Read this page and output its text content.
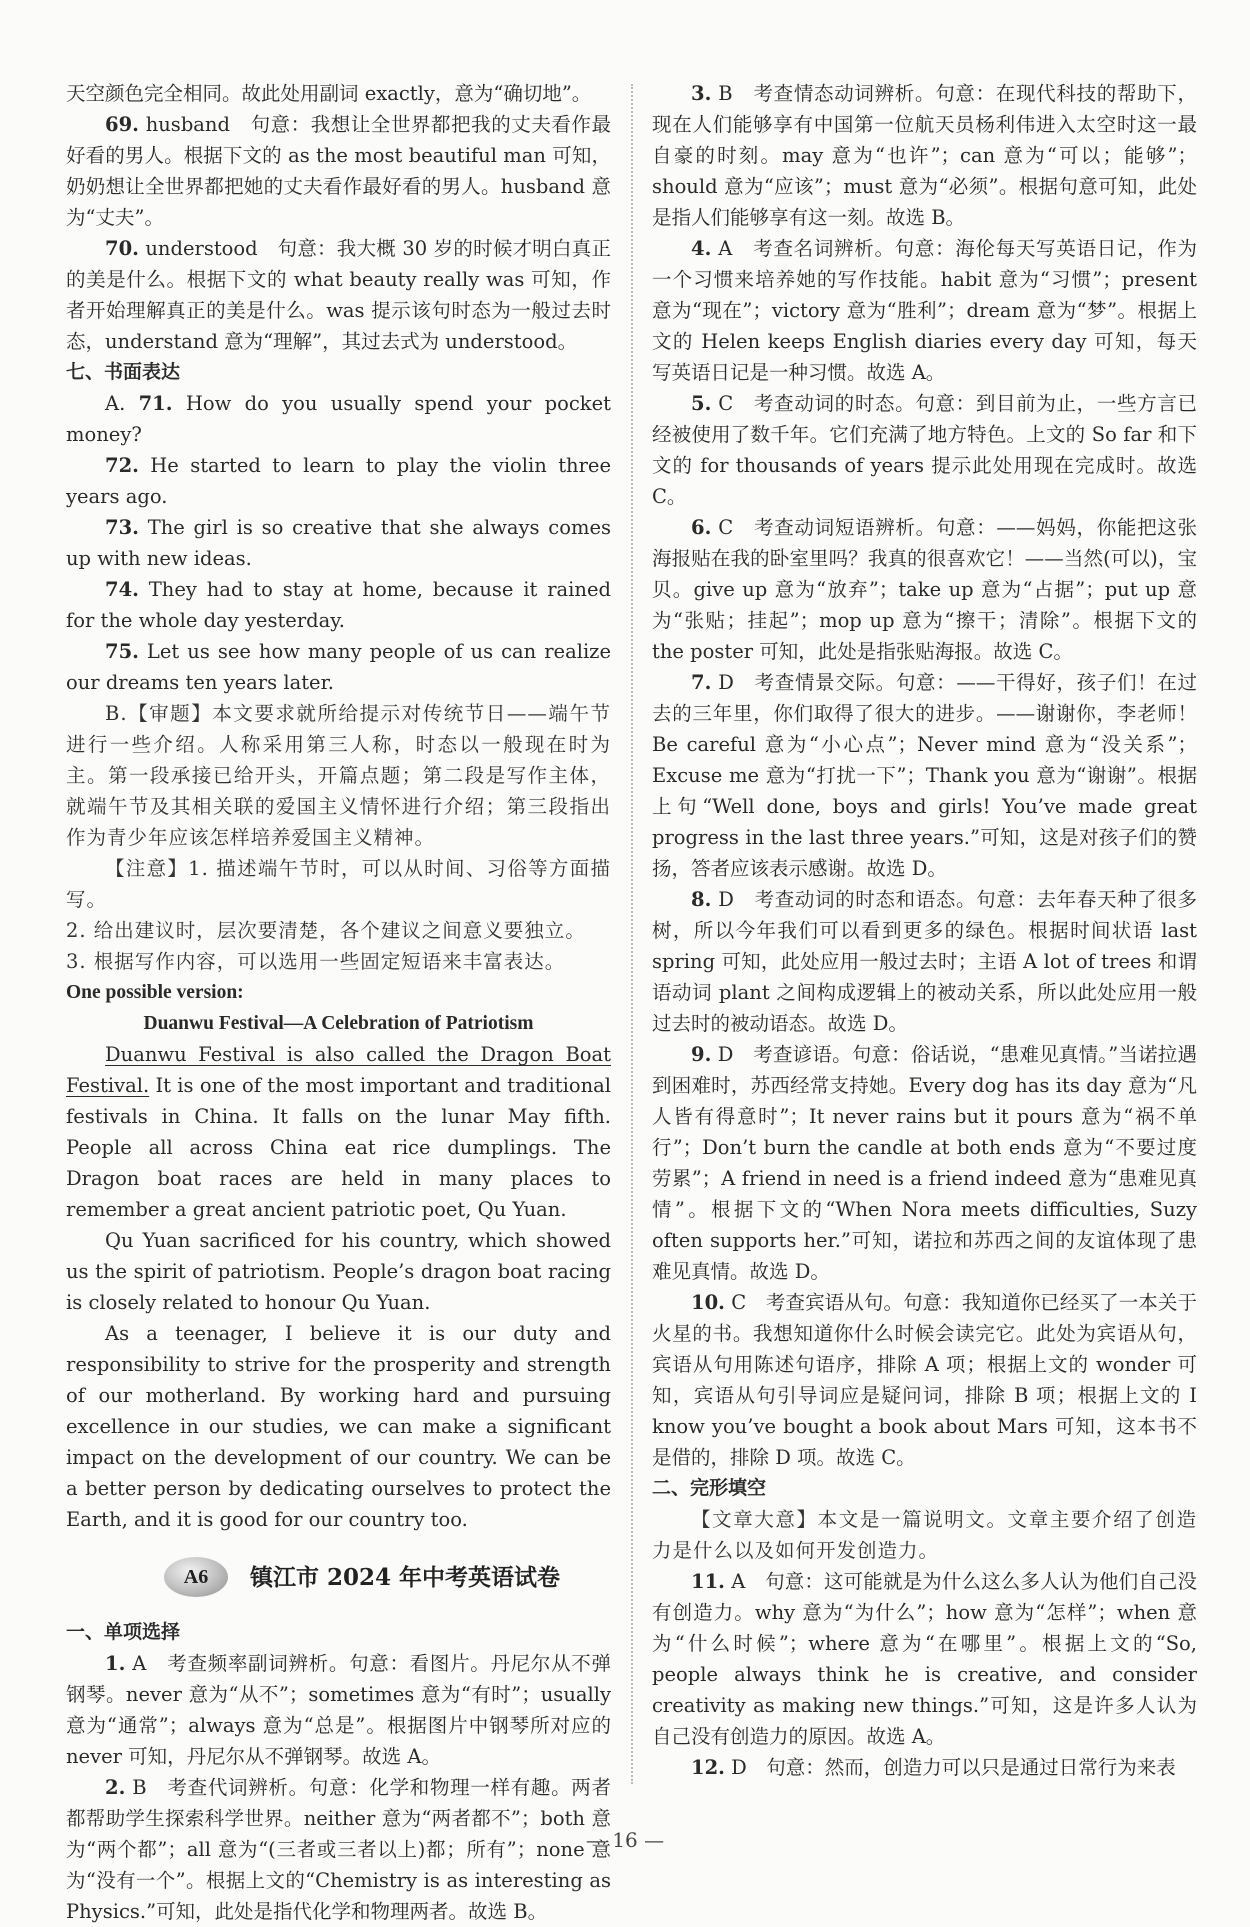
天空颜色完全相同。故此处用副词 exactly，意为“确切地”。

69. husband　句意：我想让全世界都把我的丈夫看作最好看的男人。根据下文的 as the most beautiful man 可知，奶奶想让全世界都把她的丈夫看作最好看的男人。husband 意为“丈夫”。

70. understood　句意：我大概 30 岁的时候才明白真正的美是什么。根据下文的 what beauty really was 可知，作者开始理解真正的美是什么。was 提示该句时态为一般过去时态，understand 意为“理解”，其过去式为 understood。

七、书面表达

A. 71. How do you usually spend your pocket money?

72. He started to learn to play the violin three years ago.

73. The girl is so creative that she always comes up with new ideas.

74. They had to stay at home, because it rained for the whole day yesterday.

75. Let us see how many people of us can realize our dreams ten years later.

B.【审题】本文要求就所给提示对传统节日——端午节进行一些介绍。人称采用第三人称，时态以一般现在时为主。第一段承接已给开头，开篇点题；第二段是写作主体，就端午节及其相关联的爱国主义情怀进行介绍；第三段指出作为青少年应该怎样培养爱国主义精神。

【注意】1. 描述端午节时，可以从时间、习俗等方面描写。

2. 给出建议时，层次要清楚，各个建议之间意义要独立。

3. 根据写作内容，可以选用一些固定短语来丰富表达。

One possible version:

Duanwu Festival—A Celebration of Patriotism

Duanwu Festival is also called the Dragon Boat Festival. It is one of the most important and traditional festivals in China. It falls on the lunar May fifth. People all across China eat rice dumplings. The Dragon boat races are held in many places to remember a great ancient patriotic poet, Qu Yuan.

Qu Yuan sacrificed for his country, which showed us the spirit of patriotism. People’s dragon boat racing is closely related to honour Qu Yuan.

As a teenager, I believe it is our duty and responsibility to strive for the prosperity and strength of our motherland. By working hard and pursuing excellence in our studies, we can make a significant impact on the development of our country. We can be a better person by dedicating ourselves to protect the Earth, and it is good for our country too.

A6	镇江市 2024 年中考英语试卷

一、单项选择

1. A　考查频率副词辨析。句意：看图片。丹尼尔从不弹钢琴。never 意为“从不”；sometimes 意为“有时”；usually 意为“通常”；always 意为“总是”。根据图片中钢琴所对应的 never 可知，丹尼尔从不弹钢琴。故选 A。

2. B　考查代词辨析。句意：化学和物理一样有趣。两者都帮助学生探索科学世界。neither 意为“两者都不”；both 意为“两个都”；all 意为“(三者或三者以上)都；所有”；none 意为“没有一个”。根据上文的“Chemistry is as interesting as Physics.”可知，此处是指代化学和物理两者。故选 B。

3. B　考查情态动词辨析。句意：在现代科技的帮助下，现在人们能够享有中国第一位航天员杨利伟进入太空时这一最自豪的时刻。may 意为“也许”；can 意为“可以；能够”；should 意为“应该”；must 意为“必须”。根据句意可知，此处是指人们能够享有这一刻。故选 B。

4. A　考查名词辨析。句意：海伦每天写英语日记，作为一个习惯来培养她的写作技能。habit 意为“习惯”；present 意为“现在”；victory 意为“胜利”；dream 意为“梦”。根据上文的 Helen keeps English diaries every day 可知，每天写英语日记是一种习惯。故选 A。

5. C　考查动词的时态。句意：到目前为止，一些方言已经被使用了数千年。它们充满了地方特色。上文的 So far 和下文的 for thousands of years 提示此处用现在完成时。故选 C。

6. C　考查动词短语辨析。句意：——妈妈，你能把这张海报贴在我的卧室里吗？我真的很喜欢它！——当然(可以)，宝贝。give up 意为“放弃”；take up 意为“占据”；put up 意为“张贴；挂起”；mop up 意为“擦干；清除”。根据下文的 the poster 可知，此处是指张贴海报。故选 C。

7. D　考查情景交际。句意：——干得好，孩子们！在过去的三年里，你们取得了很大的进步。——谢谢你，李老师！Be careful 意为“小心点”；Never mind 意为“没关系”；Excuse me 意为“打扰一下”；Thank you 意为“谢谢”。根据上句“Well done, boys and girls! You’ve made great progress in the last three years.”可知，这是对孩子们的赞扬，答者应该表示感谢。故选 D。

8. D　考查动词的时态和语态。句意：去年春天种了很多树，所以今年我们可以看到更多的绿色。根据时间状语 last spring 可知，此处应用一般过去时；主语 A lot of trees 和谓语动词 plant 之间构成逻辑上的被动关系，所以此处应用一般过去时的被动语态。故选 D。

9. D　考查谚语。句意：俗话说，“患难见真情。”当诺拉遇到困难时，苏西经常支持她。Every dog has its day 意为“凡人皆有得意时”；It never rains but it pours 意为“祸不单行”；Don’t burn the candle at both ends 意为“不要过度劳累”；A friend in need is a friend indeed 意为“患难见真情”。根据下文的“When Nora meets difficulties, Suzy often supports her.”可知，诺拉和苏西之间的友谊体现了患难见真情。故选 D。

10. C　考查宾语从句。句意：我知道你已经买了一本关于火星的书。我想知道你什么时候会读完它。此处为宾语从句，宾语从句用陈述句语序，排除 A 项；根据上文的 wonder 可知，宾语从句引导词应是疑问词，排除 B 项；根据上文的 I know you’ve bought a book about Mars 可知，这本书不是借的，排除 D 项。故选 C。

二、完形填空

【文章大意】本文是一篇说明文。文章主要介绍了创造力是什么以及如何开发创造力。

11. A　句意：这可能就是为什么这么多人认为他们自己没有创造力。why 意为“为什么”；how 意为“怎样”；when 意为“什么时候”；where 意为“在哪里”。根据上文的“So, people always think he is creative, and consider creativity as making new things.”可知，这是许多人认为自己没有创造力的原因。故选 A。

12. D　句意：然而，创造力可以只是通过日常行为来表

— 16 —
